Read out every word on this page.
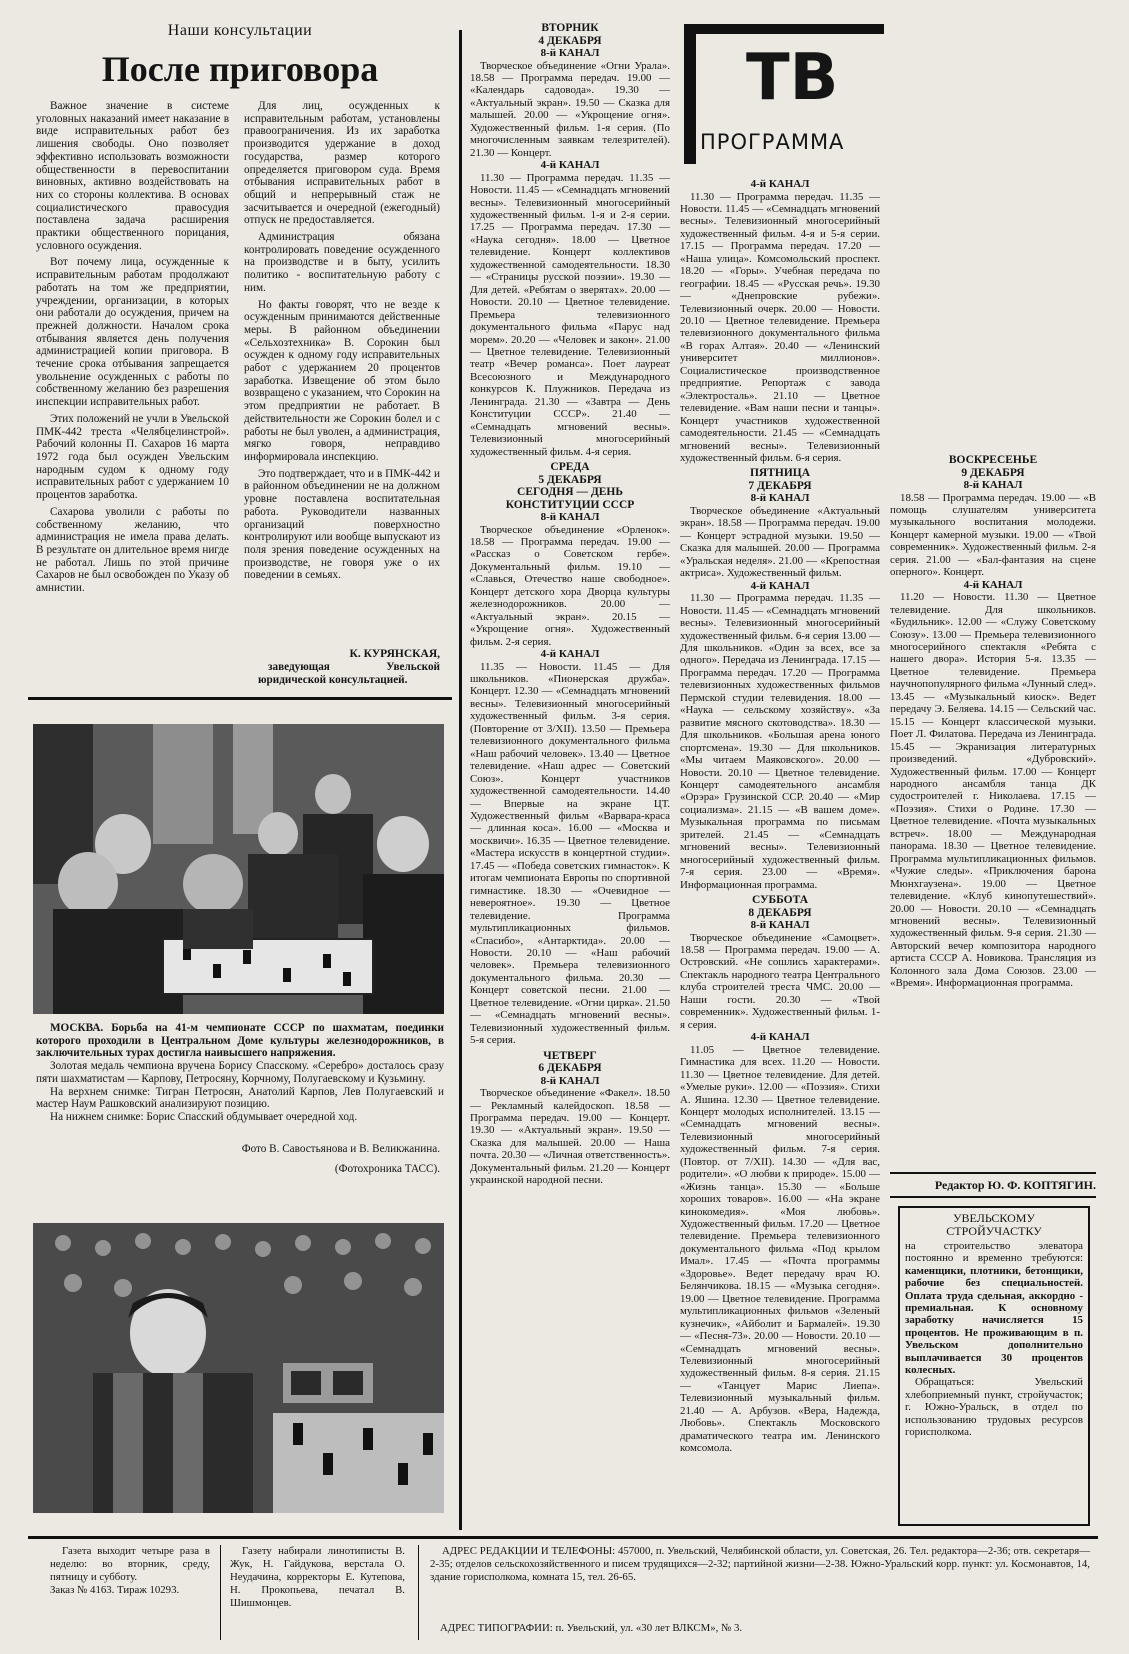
Наши консультации
После приговора

Важное значение в системе уголовных наказаний имеет наказание в виде исправительных работ без лишения свободы. Оно позволяет эффективно использовать возможности общественности в перевоспитании виновных, активно воздействовать на них со стороны коллектива. В основах социалистического правосудия поставлена задача расширения практики общественного порицания, условного осуждения.

Вот почему лица, осужденные к исправительным работам продолжают работать на том же предприятии, учреждении, организации, в которых они работали до осуждения, причем на прежней должности. Началом срока отбывания является день получения администрацией копии приговора. В течение срока отбывания запрещается увольнение осужденных с работы по собственному желанию без разрешения инспекции исправительных работ.

Этих положений не учли в Увельской ПМК-442 треста «Челябцелинстрой». Рабочий колонны П. Сахаров 16 марта 1972 года был осужден Увельским народным судом к одному году исправительных работ с удержанием 10 процентов заработка.

Сахарова уволили с работы по собственному желанию, что администрация не имела права делать. В результате он длительное время нигде не работал. Лишь по этой причине Сахаров не был освобожден по Указу об амнистии.

Для лиц, осужденных к исправительным работам, установлены правоограничения. Из их заработка производится удержание в доход государства, размер которого определяется приговором суда. Время отбывания исправительных работ в общий и непрерывный стаж не засчитывается и очередной (ежегодный) отпуск не предоставляется.

Администрация обязана контролировать поведение осужденного на производстве и в быту, усилить политико - воспитательную работу с ним.

Но факты говорят, что не везде к осужденным принимаются действенные меры. В районном объединении «Сельхозтехника» В. Сорокин был осужден к одному году исправительных работ с удержанием 20 процентов заработка. Извещение об этом было возвращено с указанием, что Сорокин на этом предприятии не работает. В действительности же Сорокин болел и с работы не был уволен, а администрация, мягко говоря, неправдиво информировала инспекцию.

Это подтверждает, что и в ПМК-442 и в районном объединении не на должном уровне поставлена воспитательная работа. Руководители названных организаций поверхностно контролируют или вообще выпускают из поля зрения поведение осужденных на производстве, не говоря уже о их поведении в семьях.

К. КУРЯНСКАЯ,
заведующая Увельской юридической консультацией.

МОСКВА. Борьба на 41-м чемпионате СССР по шахматам, поединки которого проходили в Центральном Доме культуры железнодорожников, в заключительных турах достигла наивысшего напряжения.

Золотая медаль чемпиона вручена Борису Спасскому. «Серебро» досталось сразу пяти шахматистам — Карпову, Петросяну, Корчному, Полугаевскому и Кузьмину.

На верхнем снимке: Тигран Петросян, Анатолий Карпов, Лев Полугаевский и мастер Наум Рашковский анализируют позицию.

На нижнем снимке: Борис Спасский обдумывает очередной ход.

Фото В. Савостьянова и В. Великжанина.
(Фотохроника ТАСС).
ВТОРНИК
4 ДЕКАБРЯ
8-й КАНАЛ

Творческое объединение «Огни Урала». 18.58 — Программа передач. 19.00 — «Календарь садовода». 19.30 — «Актуальный экран». 19.50 — Сказка для малышей. 20.00 — «Укрощение огня». Художественный фильм. 1-я серия. (По многочисленным заявкам телезрителей). 21.30 — Концерт.

4-й КАНАЛ

11.30 — Программа передач. 11.35 — Новости. 11.45 — «Семнадцать мгновений весны». Телевизионный многосерийный художественный фильм. 1-я и 2-я серии. 17.25 — Программа передач. 17.30 — «Наука сегодня». 18.00 — Цветное телевидение. Концерт коллективов художественной самодеятельности. 18.30 — «Страницы русской поэзии». 19.30 — Для детей. «Ребятам о зверятах». 20.00 — Новости. 20.10 — Цветное телевидение. Премьера телевизионного документального фильма «Парус над морем». 20.20 — «Человек и закон». 21.00 — Цветное телевидение. Телевизионный театр «Вечер романса». Поет лауреат Всесоюзного и Международного конкурсов К. Плужников. Передача из Ленинграда. 21.30 — «Завтра — День Конституции СССР». 21.40 — «Семнадцать мгновений весны». Телевизионный многосерийный художественный фильм. 4-я серия.

СРЕДА
5 ДЕКАБРЯ
СЕГОДНЯ — ДЕНЬ КОНСТИТУЦИИ СССР
8-й КАНАЛ

Творческое объединение «Орленок». 18.58 — Программа передач. 19.00 — «Рассказ о Советском гербе». Документальный фильм. 19.10 — «Славься, Отечество наше свободное». Концерт детского хора Дворца культуры железнодорожников. 20.00 — «Актуальный экран». 20.15 — «Укрощение огня». Художественный фильм. 2-я серия.

4-й КАНАЛ

11.35 — Новости. 11.45 — Для школьников. «Пионерская дружба». Концерт. 12.30 — «Семнадцать мгновений весны». Телевизионный многосерийный художественный фильм. 3-я серия. (Повторение от 3/XII). 13.50 — Премьера телевизионного документального фильма «Наш рабочий человек». 13.40 — Цветное телевидение. «Наш адрес — Советский Союз». Концерт участников художественной самодеятельности. 14.40 — Впервые на экране ЦТ. Художественный фильм «Варвара-краса — длинная коса». 16.00 — «Москва и москвичи». 16.35 — Цветное телевидение. «Мастера искусств в концертной студии». 17.45 — «Победа советских гимнасток». К итогам чемпионата Европы по спортивной гимнастике. 18.30 — «Очевидное — невероятное». 19.30 — Цветное телевидение. Программа мультипликационных фильмов. «Спасибо», «Антарктида». 20.00 — Новости. 20.10 — «Наш рабочий человек». Премьера телевизионного документального фильма. 20.30 — Концерт советской песни. 21.00 — Цветное телевидение. «Огни цирка». 21.50 — «Семнадцать мгновений весны». Телевизионный художественный фильм. 5-я серия.

ЧЕТВЕРГ
6 ДЕКАБРЯ
8-й КАНАЛ

Творческое объединение «Факел». 18.50 — Рекламный калейдоскоп. 18.58 — Программа передач. 19.00 — Концерт. 19.30 — «Актуальный экран». 19.50 — Сказка для малышей. 20.00 — Наша почта. 20.30 — «Личная ответственность». Документальный фильм. 21.20 — Концерт украинской народной песни.

ТВ
ПРОГРАММА
4-й КАНАЛ

11.30 — Программа передач. 11.35 — Новости. 11.45 — «Семнадцать мгновений весны». Телевизионный многосерийный художественный фильм. 4-я и 5-я серии. 17.15 — Программа передач. 17.20 — «Наша улица». Комсомольский проспект. 18.20 — «Горы». Учебная передача по географии. 18.45 — «Русская речь». 19.30 — «Днепровские рубежи». Телевизионный очерк. 20.00 — Новости. 20.10 — Цветное телевидение. Премьера телевизионного документального фильма «В горах Алтая». 20.40 — «Ленинский университет миллионов». Социалистическое производственное предприятие. Репортаж с завода «Электросталь». 21.10 — Цветное телевидение. «Вам наши песни и танцы». Концерт участников художественной самодеятельности. 21.45 — «Семнадцать мгновений весны». Телевизионный художественный фильм. 6-я серия.

ПЯТНИЦА
7 ДЕКАБРЯ
8-й КАНАЛ

Творческое объединение «Актуальный экран». 18.58 — Программа передач. 19.00 — Концерт эстрадной музыки. 19.50 — Сказка для малышей. 20.00 — Программа «Уральская неделя». 21.00 — «Крепостная актриса». Художественный фильм.

4-й КАНАЛ

11.30 — Программа передач. 11.35 — Новости. 11.45 — «Семнадцать мгновений весны». Телевизионный многосерийный художественный фильм. 6-я серия 13.00 — Для школьников. «Один за всех, все за одного». Передача из Ленинграда. 17.15 — Программа передач. 17.20 — Программа телевизионных художественных фильмов Пермской студии телевидения. 18.00 — «Наука — сельскому хозяйству». «За развитие мясного скотоводства». 18.30 — Для школьников. «Большая арена юного спортсмена». 19.30 — Для школьников. «Мы читаем Маяковского». 20.00 — Новости. 20.10 — Цветное телевидение. Концерт самодеятельного ансамбля «Орэра» Грузинской ССР. 20.40 — «Мир социализма». 21.15 — «В вашем доме». Музыкальная программа по письмам зрителей. 21.45 — «Семнадцать мгновений весны». Телевизионный многосерийный художественный фильм. 7-я серия. 23.00 — «Время». Информационная программа.

СУББОТА
8 ДЕКАБРЯ
8-й КАНАЛ

Творческое объединение «Самоцвет». 18.58 — Программа передач. 19.00 — А. Островский. «Не сошлись характерами». Спектакль народного театра Центрального клуба строителей треста ЧМС. 20.00 — Наши гости. 20.30 — «Твой современник». Художественный фильм. 1-я серия.

4-й КАНАЛ

11.05 — Цветное телевидение. Гимнастика для всех. 11.20 — Новости. 11.30 — Цветное телевидение. Для детей. «Умелые руки». 12.00 — «Поэзия». Стихи А. Яшина. 12.30 — Цветное телевидение. Концерт молодых исполнителей. 13.15 — «Семнадцать мгновений весны». Телевизионный многосерийный художественный фильм. 7-я серия. (Повтор. от 7/XII). 14.30 — «Для вас, родители». «О любви к природе». 15.00 — «Жизнь танца». 15.30 — «Больше хороших товаров». 16.00 — «На экране кинокомедия». «Моя любовь». Художественный фильм. 17.20 — Цветное телевидение. Премьера телевизионного документального фильма «Под крылом Имал». 17.45 — «Почта программы «Здоровье». Ведет передачу врач Ю. Белянчикова. 18.15 — «Музыка сегодня». 19.00 — Цветное телевидение. Программа мультипликационных фильмов «Зеленый кузнечик», «Айболит и Бармалей». 19.30 — «Песня-73». 20.00 — Новости. 20.10 — «Семнадцать мгновений весны». Телевизионный многосерийный художественный фильм. 8-я серия. 21.15 — «Танцует Марис Лиепа». Телевизионный музыкальный фильм. 21.40 — А. Арбузов. «Вера, Надежда, Любовь». Спектакль Московского драматического театра им. Ленинского комсомола.

ВОСКРЕСЕНЬЕ
9 ДЕКАБРЯ
8-й КАНАЛ

18.58 — Программа передач. 19.00 — «В помощь слушателям университета музыкального воспитания молодежи. Концерт камерной музыки. 19.00 — «Твой современник». Художественный фильм. 2-я серия. 21.00 — «Бал-фантазия на сцене оперного». Концерт.

4-й КАНАЛ

11.20 — Новости. 11.30 — Цветное телевидение. Для школьников. «Будильник». 12.00 — «Служу Советскому Союзу». 13.00 — Премьера телевизионного многосерийного спектакля «Ребята с нашего двора». История 5-я. 13.35 — Цветное телевидение. Премьера научнопопулярного фильма «Лунный след». 13.45 — «Музыкальный киоск». Ведет передачу Э. Беляева. 14.15 — Сельский час. 15.15 — Концерт классической музыки. Поет Л. Филатова. Передача из Ленинграда. 15.45 — Экранизация литературных произведений. «Дубровский». Художественный фильм. 17.00 — Концерт народного ансамбля танца ДК судостроителей г. Николаева. 17.15 — «Поэзия». Стихи о Родине. 17.30 — Цветное телевидение. «Почта музыкальных встреч». 18.00 — Международная панорама. 18.30 — Цветное телевидение. Программа мультипликационных фильмов. «Чужие следы». «Приключения барона Мюнхгаузена». 19.00 — Цветное телевидение. «Клуб кинопутешествий». 20.00 — Новости. 20.10 — «Семнадцать мгновений весны». Телевизионный художественный фильм. 9-я серия. 21.30 — Авторский вечер композитора народного артиста СССР А. Новикова. Трансляция из Колонного зала Дома Союзов. 23.00 — «Время». Информационная программа.

Редактор Ю. Ф. КОПТЯГИН.
УВЕЛЬСКОМУ СТРОЙУЧАСТКУ
на строительство элеватора постоянно и временно требуются: каменщики, плотники, бетонщики, рабочие без специальностей. Оплата труда сдельная, аккордно - премиальная. К основному заработку начисляется 15 процентов. Не проживающим в п. Увельском дополнительно выплачивается 30 процентов колесных.
Обращаться: Увельский хлебоприемный пункт, стройучасток; г. Южно-Уральск, в отдел по использованию трудовых ресурсов горисполкома.
Газета выходит четыре раза в неделю: во вторник, среду, пятницу и субботу.
Заказ № 4163. Тираж 10293.
Газету набирали линотиписты В. Жук, Н. Гайдукова, верстала О. Неудачина, корректоры Е. Кутепова, Н. Прокопьева, печатал В. Шишмонцев.
АДРЕС РЕДАКЦИИ И ТЕЛЕФОНЫ: 457000, п. Увельский, Челябинской области, ул. Советская, 26. Тел. редактора—2-36; отв. секретаря—2-35; отделов сельскохозяйственного и писем трудящихся—2-32; партийной жизни—2-38. Южно-Уральский корр. пункт: ул. Космонавтов, 14, здание горисполкома, комната 15, тел. 26-65.
АДРЕС ТИПОГРАФИИ: п. Увельский, ул. «30 лет ВЛКСМ», № 3.
